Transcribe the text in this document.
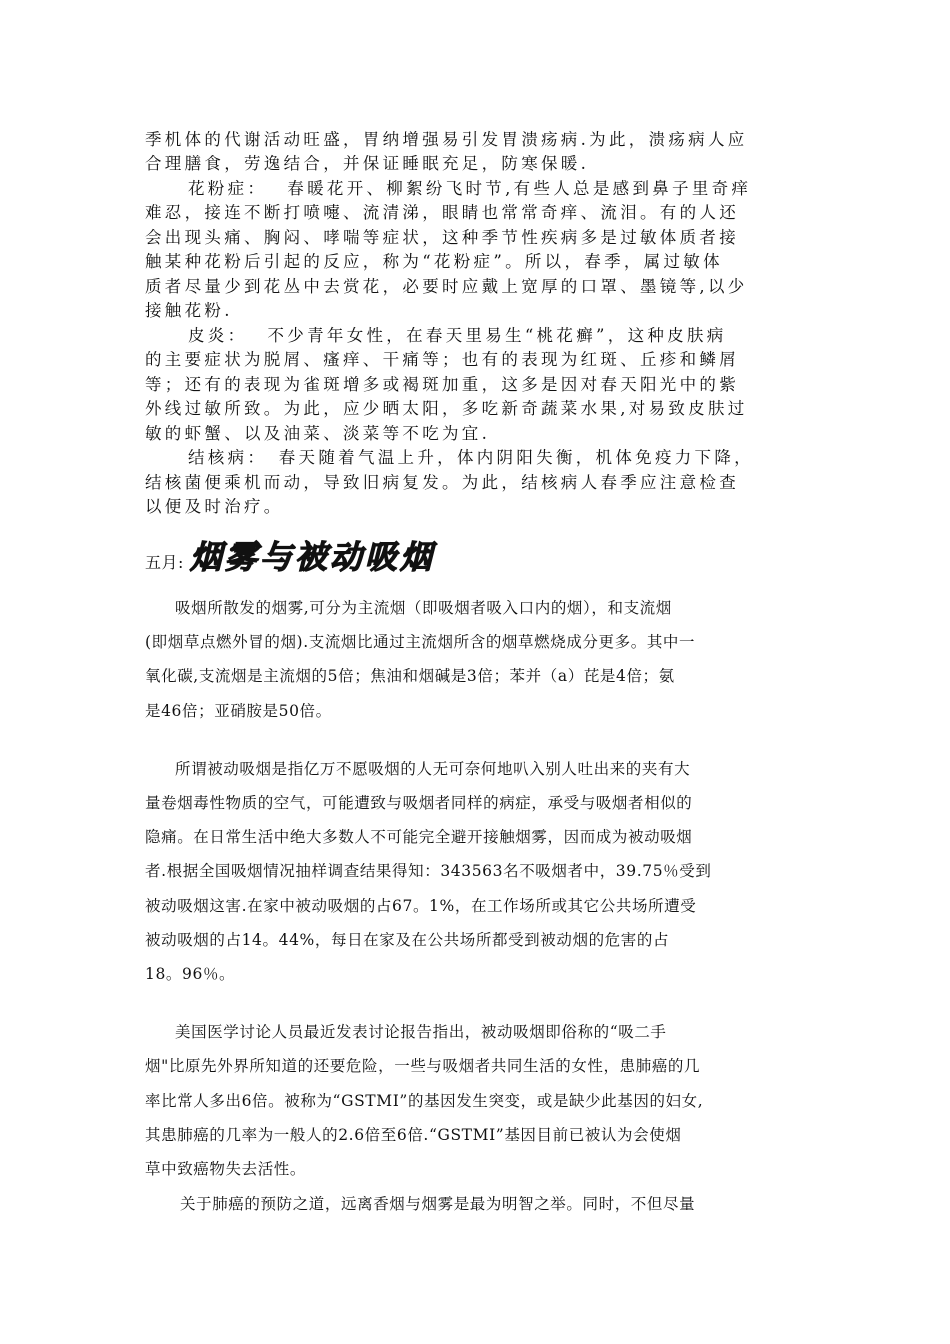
季机体的代谢活动旺盛，胃纳增强易引发胃溃疡病.为此，溃疡病人应

合理膳食，劳逸结合，并保证睡眠充足，防寒保暖.

花粉症：　 春暖花开、柳絮纷飞时节,有些人总是感到鼻子里奇痒

难忍，接连不断打喷嚏、流清涕，眼睛也常常奇痒、流泪。有的人还

会出现头痛、胸闷、哮喘等症状，这种季节性疾病多是过敏体质者接

触某种花粉后引起的反应，称为“花粉症”。所以，春季，属过敏体

质者尽量少到花丛中去赏花，必要时应戴上宽厚的口罩、墨镜等,以少

接触花粉.

皮炎：　 不少青年女性，在春天里易生“桃花癣”，这种皮肤病

的主要症状为脱屑、瘙痒、干痛等；也有的表现为红斑、丘疹和鳞屑

等；还有的表现为雀斑增多或褐斑加重，这多是因对春天阳光中的紫

外线过敏所致。为此，应少晒太阳，多吃新奇蔬菜水果,对易致皮肤过

敏的虾蟹、以及油菜、淡菜等不吃为宜.

结核病：　春天随着气温上升，体内阴阳失衡，机体免疫力下降，

结核菌便乘机而动，导致旧病复发。为此，结核病人春季应注意检查

以便及时治疗。

五月: 烟雾与被动吸烟

吸烟所散发的烟雾,可分为主流烟（即吸烟者吸入口内的烟），和支流烟

(即烟草点燃外冒的烟).支流烟比通过主流烟所含的烟草燃烧成分更多。其中一

氧化碳,支流烟是主流烟的5倍；焦油和烟碱是3倍；苯并（a）芘是4倍；氨

是46倍；亚硝胺是50倍。

所谓被动吸烟是指亿万不愿吸烟的人无可奈何地叭入别人吐出来的夹有大

量卷烟毒性物质的空气，可能遭致与吸烟者同样的病症，承受与吸烟者相似的

隐痛。在日常生活中绝大多数人不可能完全避开接触烟雾，因而成为被动吸烟

者.根据全国吸烟情况抽样调查结果得知：343563名不吸烟者中，39.75％受到

被动吸烟这害.在家中被动吸烟的占67。1%，在工作场所或其它公共场所遭受

被动吸烟的占14。44%，每日在家及在公共场所都受到被动烟的危害的占

18。96％。

美国医学讨论人员最近发表讨论报告指出，被动吸烟即俗称的“吸二手

烟"比原先外界所知道的还要危险，一些与吸烟者共同生活的女性，患肺癌的几

率比常人多出6倍。被称为“GSTMI”的基因发生突变，或是缺少此基因的妇女,

其患肺癌的几率为一般人的2.6倍至6倍.“GSTMI”基因目前已被认为会使烟

草中致癌物失去活性。

关于肺癌的预防之道，远离香烟与烟雾是最为明智之举。同时，不但尽量
